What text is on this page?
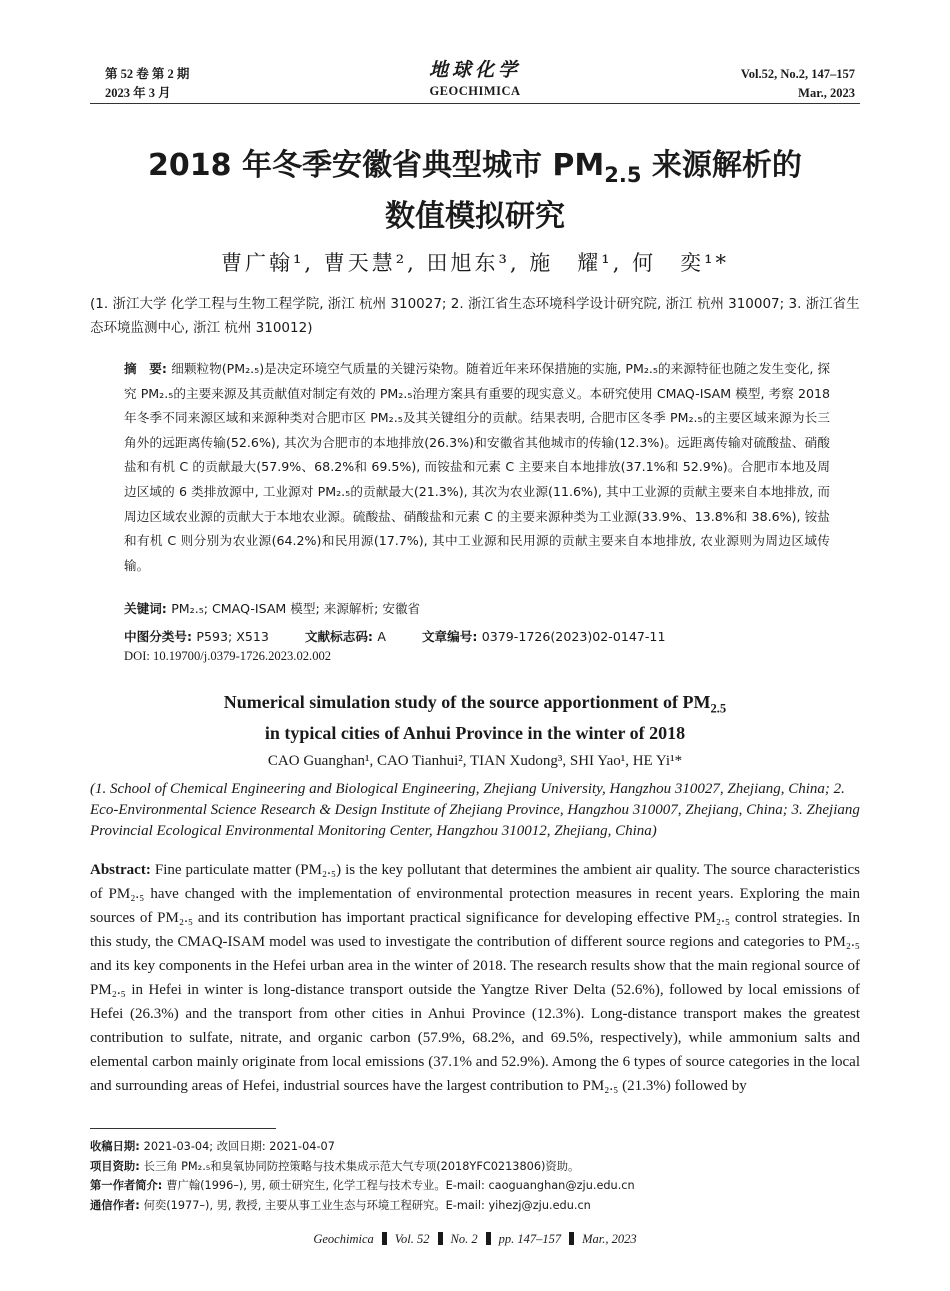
第 52 卷 第 2 期
2023 年 3 月
地球化学
GEOCHIMICA
Vol.52, No.2, 147–157
Mar., 2023
2018 年冬季安徽省典型城市 $PM_{2.5}$ 来源解析的
数值模拟研究
曹广翰¹, 曹天慧², 田旭东³, 施　耀¹, 何　奕¹*
(1. 浙江大学 化学工程与生物工程学院, 浙江 杭州 310027; 2. 浙江省生态环境科学设计研究院, 浙江 杭州 310007; 3. 浙江省生态环境监测中心, 浙江 杭州 310012)
摘　要: 细颗粒物(PM₂.₅)是决定环境空气质量的关键污染物。随着近年来环保措施的实施, PM₂.₅的来源特征也随之发生变化, 探究 PM₂.₅的主要来源及其贡献值对制定有效的 PM₂.₅治理方案具有重要的现实意义。本研究使用 CMAQ-ISAM 模型, 考察 2018 年冬季不同来源区域和来源种类对合肥市区 PM₂.₅及其关键组分的贡献。结果表明, 合肥市区冬季 PM₂.₅的主要区域来源为长三角外的远距离传输(52.6%), 其次为合肥市的本地排放(26.3%)和安徽省其他城市的传输(12.3%)。远距离传输对硫酸盐、硝酸盐和有机 C 的贡献最大(57.9%、68.2%和 69.5%), 而铵盐和元素 C 主要来自本地排放(37.1%和 52.9%)。合肥市本地及周边区域的 6 类排放源中, 工业源对 PM₂.₅的贡献最大(21.3%), 其次为农业源(11.6%), 其中工业源的贡献主要来自本地排放, 而周边区域农业源的贡献大于本地农业源。硫酸盐、硝酸盐和元素 C 的主要来源种类为工业源(33.9%、13.8%和 38.6%), 铵盐和有机 C 则分别为农业源(64.2%)和民用源(17.7%), 其中工业源和民用源的贡献主要来自本地排放, 农业源则为周边区域传输。
关键词: PM₂.₅; CMAQ-ISAM 模型; 来源解析; 安徽省
中图分类号: P593; X513	文献标志码: A	文章编号: 0379-1726(2023)02-0147-11
DOI: 10.19700/j.0379-1726.2023.02.002
Numerical simulation study of the source apportionment of $PM_{2.5}$
in typical cities of Anhui Province in the winter of 2018
CAO Guanghan¹, CAO Tianhui², TIAN Xudong³, SHI Yao¹, HE Yi¹*
(1. School of Chemical Engineering and Biological Engineering, Zhejiang University, Hangzhou 310027, Zhejiang, China; 2. Eco-Environmental Science Research & Design Institute of Zhejiang Province, Hangzhou 310007, Zhejiang, China; 3. Zhejiang Provincial Ecological Environmental Monitoring Center, Hangzhou 310012, Zhejiang, China)
Abstract: Fine particulate matter (PM₂.₅) is the key pollutant that determines the ambient air quality. The source characteristics of PM₂.₅ have changed with the implementation of environmental protection measures in recent years. Exploring the main sources of PM₂.₅ and its contribution has important practical significance for developing effective PM₂.₅ control strategies. In this study, the CMAQ-ISAM model was used to investigate the contribution of different source regions and categories to PM₂.₅ and its key components in the Hefei urban area in the winter of 2018. The research results show that the main regional source of PM₂.₅ in Hefei in winter is long-distance transport outside the Yangtze River Delta (52.6%), followed by local emissions of Hefei (26.3%) and the transport from other cities in Anhui Province (12.3%). Long-distance transport makes the greatest contribution to sulfate, nitrate, and organic carbon (57.9%, 68.2%, and 69.5%, respectively), while ammonium salts and elemental carbon mainly originate from local emissions (37.1% and 52.9%). Among the 6 types of source categories in the local and surrounding areas of Hefei, industrial sources have the largest contribution to PM₂.₅ (21.3%) followed by
收稿日期: 2021-03-04; 改回日期: 2021-04-07
项目资助: 长三角 PM₂.₅和臭氧协同防控策略与技术集成示范大气专项(2018YFC0213806)资助。
第一作者简介: 曹广翰(1996–), 男, 硕士研究生, 化学工程与技术专业。E-mail: caoguanghan@zju.edu.cn
通信作者: 何奕(1977–), 男, 教授, 主要从事工业生态与环境工程研究。E-mail: yihezj@zju.edu.cn
Geochimica Vol. 52 No. 2 pp. 147–157 Mar., 2023
